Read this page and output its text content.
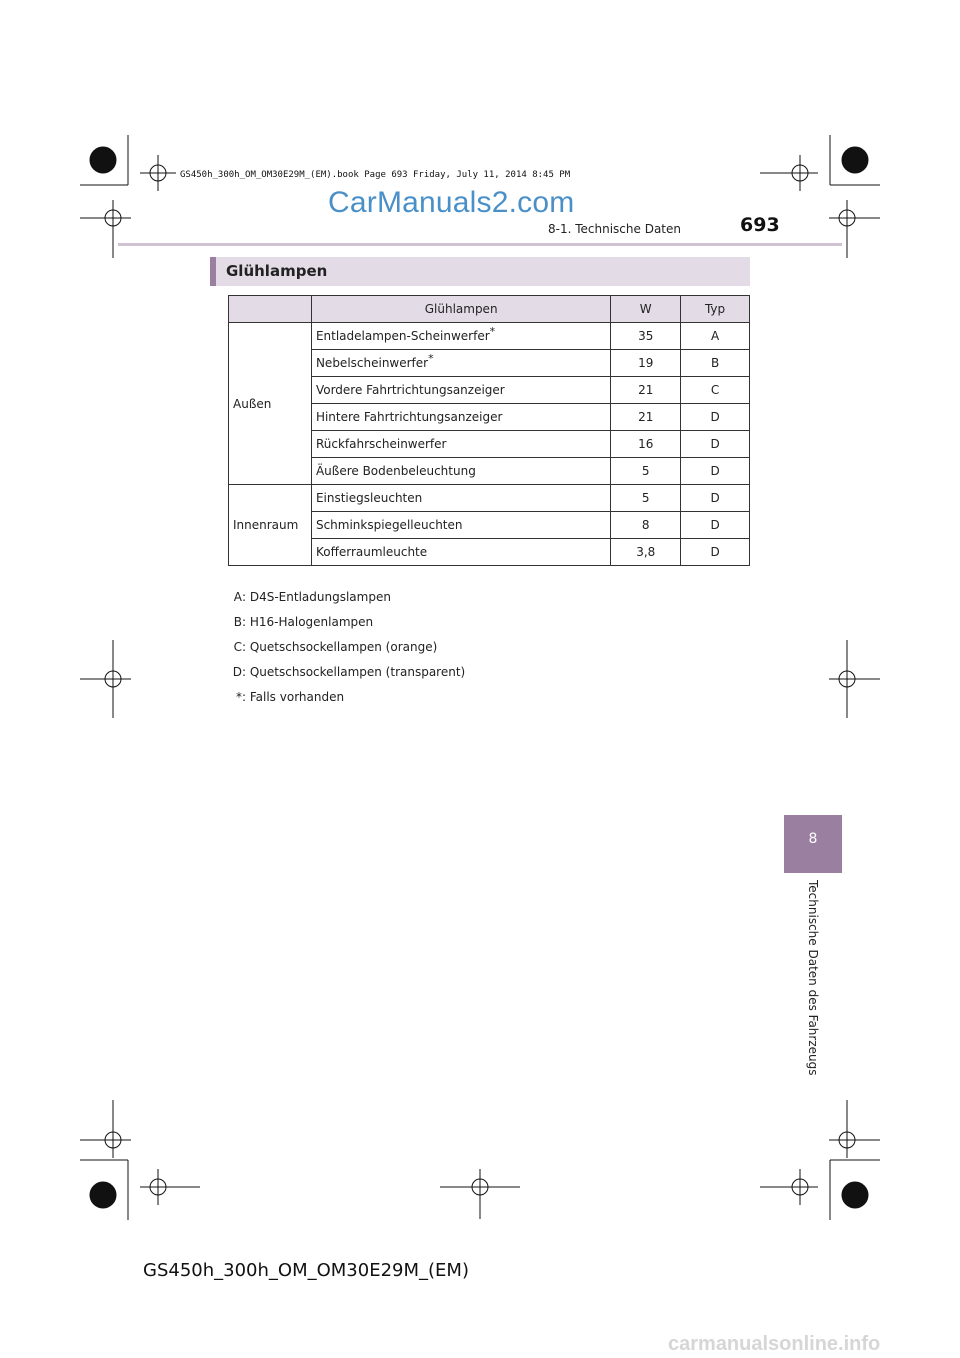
GS450h_300h_OM_OM30E29M_(EM).book Page 693 Friday, July 11, 2014 8:45 PM
CarManuals2.com
8-1. Technische Daten	693
Glühlampen
	Glühlampen	W	Typ
Außen	Entladelampen-Scheinwerfer*	35	A
	Nebelscheinwerfer*	19	B
	Vordere Fahrtrichtungsanzeiger	21	C
	Hintere Fahrtrichtungsanzeiger	21	D
	Rückfahrscheinwerfer	16	D
	Äußere Bodenbeleuchtung	5	D
Innenraum	Einstiegsleuchten	5	D
	Schminkspiegelleuchten	8	D
	Kofferraumleuchte	3,8	D
A: D4S-Entladungslampen
B: H16-Halogenlampen
C: Quetschsockellampen (orange)
D: Quetschsockellampen (transparent)
*: Falls vorhanden
8
Technische Daten des Fahrzeugs
GS450h_300h_OM_OM30E29M_(EM)
carmanualsonline.info
